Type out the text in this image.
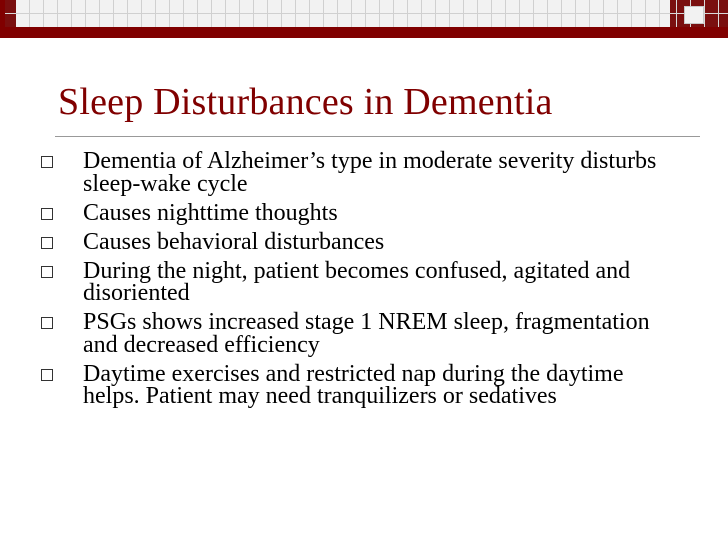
Sleep Disturbances in Dementia
Dementia of Alzheimer’s type in moderate severity disturbs sleep-wake cycle
Causes nighttime thoughts
Causes behavioral disturbances
During the night, patient becomes confused, agitated and disoriented
PSGs shows increased stage 1 NREM sleep, fragmentation and decreased efficiency
Daytime exercises and restricted nap during the daytime helps. Patient may need tranquilizers or sedatives
